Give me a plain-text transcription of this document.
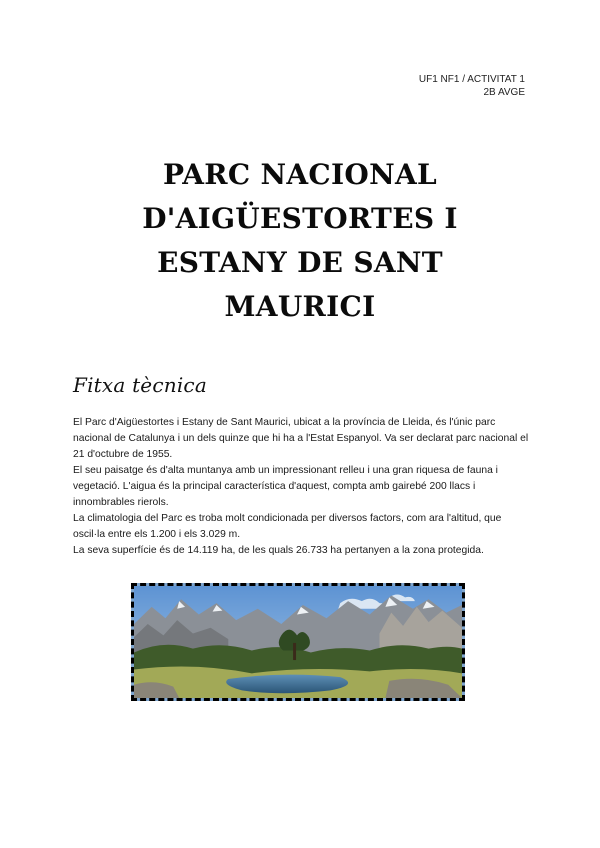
UF1 NF1 / ACTIVITAT 1
2B AVGE
PARC NACIONAL
D'AIGÜESTORTES I
ESTANY DE SANT
MAURICI
Fitxa tècnica

El Parc d'Aigüestortes i Estany de Sant Maurici, ubicat a la província de Lleida, és l'únic parc nacional de Catalunya i un dels quinze que hi ha a l'Estat Espanyol. Va ser declarat parc nacional el 21 d'octubre de 1955.

El seu paisatge és d'alta muntanya amb un impressionant relleu i una gran riquesa de fauna i vegetació. L'aigua és la principal característica d'aquest, compta amb gairebé 200 llacs i innombrables rierols.

La climatologia del Parc es troba molt condicionada per diversos factors, com ara l'altitud, que oscil·la entre els 1.200 i els 3.029 m.

La seva superfície és de 14.119 ha, de les quals 26.733 ha pertanyen a la zona protegida.
